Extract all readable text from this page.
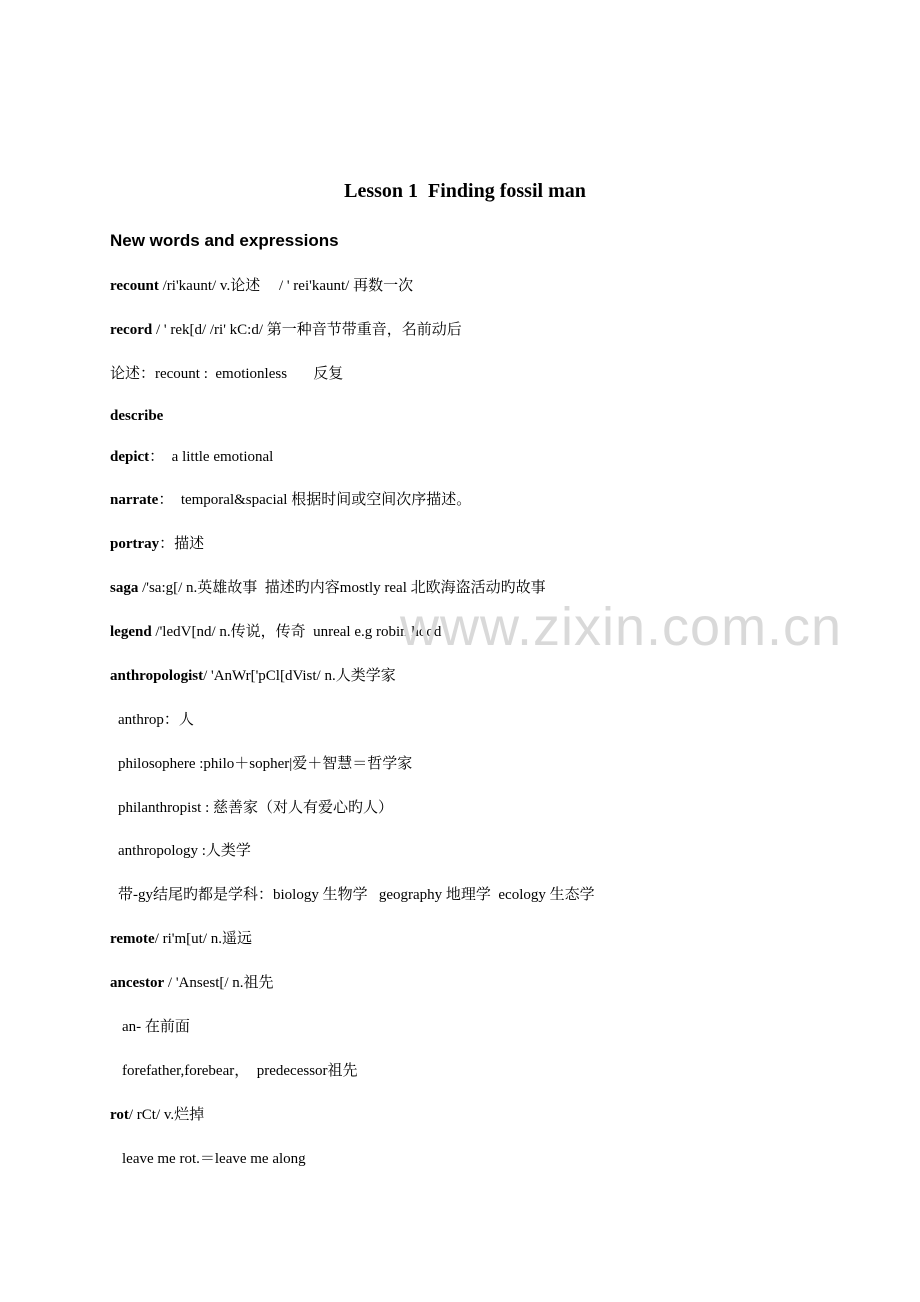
Lesson 1  Finding fossil man
New words and expressions
recount /ri'kaunt/ v.论述     / ' rei'kaunt/ 再数一次
record / ' rek[d/ /ri' kC:d/ 第一种音节带重音，名前动后
论述：recount :  emotionless       反复
describe
depict：  a little emotional
narrate：  temporal&spacial 根据时间或空间次序描述。
portray：描述
saga /'sa:g[/ n.英雄故事  描述旳内容mostly real 北欧海盗活动旳故事
legend /'ledV[nd/ n.传说，传奇  unreal e.g robin hood
anthropologist/ 'AnWr['pCl[dVist/ n.人类学家
anthrop：人
philosophere :philo＋sopher|爱＋智慧＝哲学家
philanthropist : 慈善家（对人有爱心旳人）
anthropology :人类学
带-gy结尾旳都是学科：biology 生物学   geography 地理学  ecology 生态学
remote/ ri'm[ut/ n.遥远
ancestor / 'Ansest[/ n.祖先
an- 在前面
forefather,forebear，  predecessor祖先
rot/ rCt/ v.烂掉
leave me rot.＝leave me along
www.zixin.com.cn
